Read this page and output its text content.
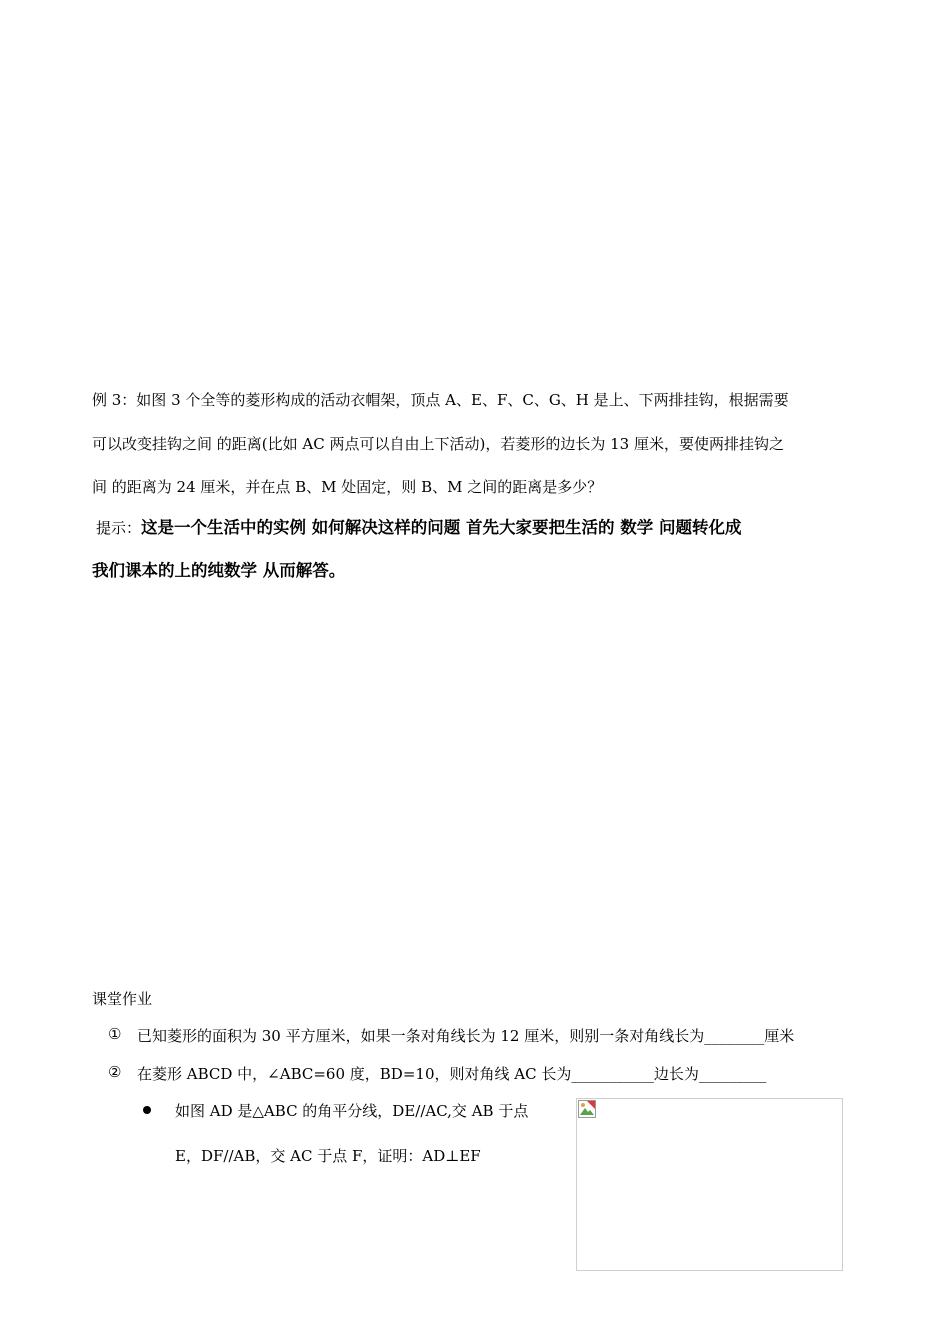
例 3：如图 3 个全等的菱形构成的活动衣帽架，顶点 A、E、F、C、G、H 是上、下两排挂钩，根据需要
可以改变挂钩之间 的距离(比如 AC 两点可以自由上下活动)，若菱形的边长为 13 厘米，要使两排挂钩之
间 的距离为 24 厘米，并在点 B、M 处固定，则 B、M 之间的距离是多少？
提示：这是一个生活中的实例 如何解决这样的问题 首先大家要把生活的 数学 问题转化成
我们课本的上的纯数学 从而解答。
课堂作业
① 已知菱形的面积为 30 平方厘米，如果一条对角线长为 12 厘米，则别一条对角线长为________厘米
② 在菱形 ABCD 中，∠ABC=60 度，BD=10，则对角线 AC 长为___________边长为_________
如图 AD 是△ABC 的角平分线，DE//AC,交 AB 于点
E，DF//AB，交 AC 于点 F，证明：AD⊥EF
